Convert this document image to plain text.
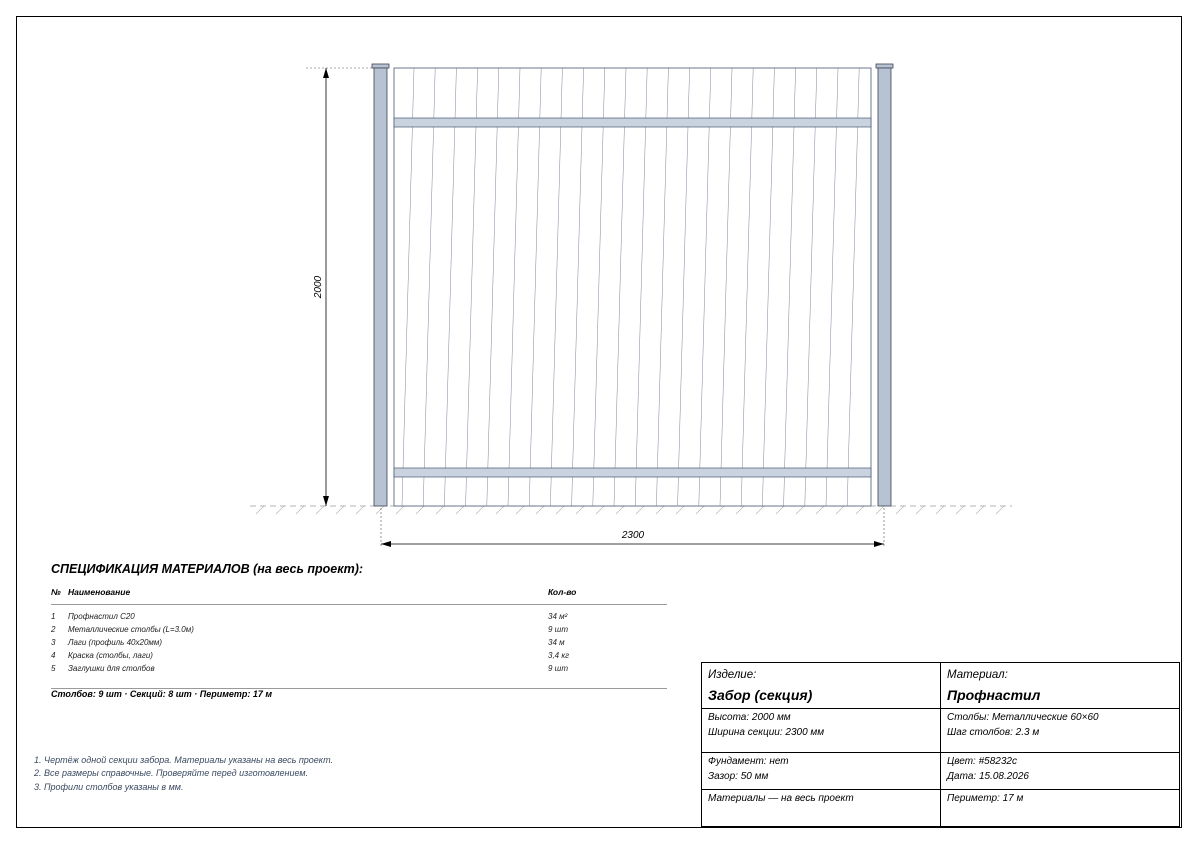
2000
2300
СПЕЦИФИКАЦИЯ МАТЕРИАЛОВ (на весь проект):
№ Наименование	Кол-во
1 Профнастил С20	34 м²
2 Металлические столбы (L=3.0м)	9 шт
3 Лаги (профиль 40x20мм)	34 м
4 Краска (столбы, лаги)	3,4 кг
5 Заглушки для столбов	9 шт
Столбов: 9 шт · Секций: 8 шт · Периметр: 17 м
1. Чертёж одной секции забора. Материалы указаны на весь проект.
2. Все размеры справочные. Проверяйте перед изготовлением.
3. Профили столбов указаны в мм.
Изделие:
Забор (секция)
Материал:
Профнастил
Высота: 2000 мм
Ширина секции: 2300 мм
Столбы: Металлические 60×60
Шаг столбов: 2.3 м
Фундамент: нет
Зазор: 50 мм
Цвет: #58232c
Дата: 15.08.2026
Материалы — на весь проект	Периметр: 17 м
